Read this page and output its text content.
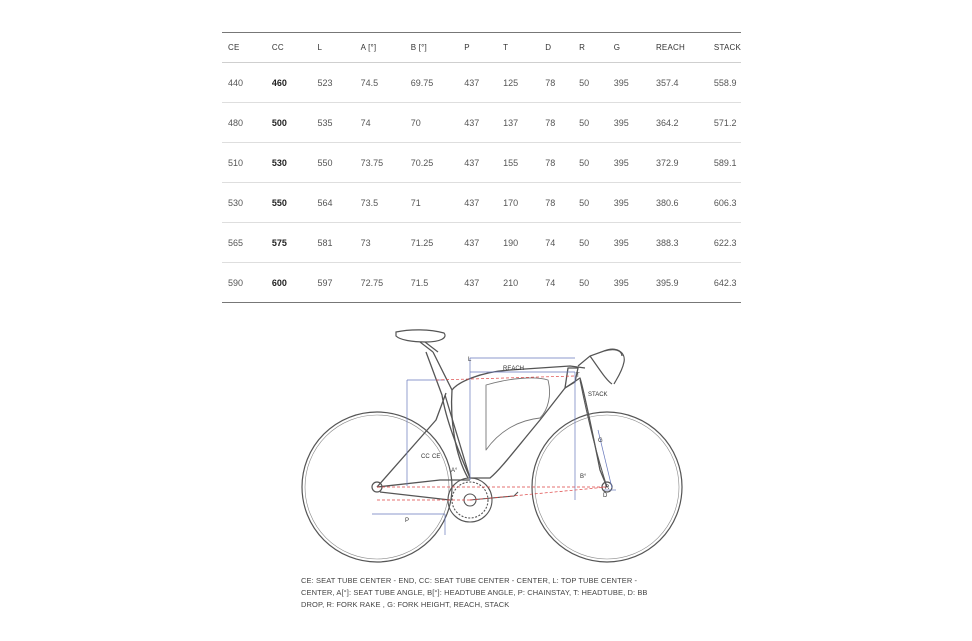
CE	CC	L	A [°]	B [°]	P	T	D	R	G	REACH	STACK
440	460	523	74.5	69.75	437	125	78	50	395	357.4	558.9
480	500	535	74	70	437	137	78	50	395	364.2	571.2
510	530	550	73.75	70.25	437	155	78	50	395	372.9	589.1
530	550	564	73.5	71	437	170	78	50	395	380.6	606.3
565	575	581	73	71.25	437	190	74	50	395	388.3	622.3
590	600	597	72.75	71.5	437	210	74	50	395	395.9	642.3
L
REACH
T
STACK
G
CC CE
A°
B°
R
D
P
CE: SEAT TUBE CENTER - END, CC: SEAT TUBE CENTER - CENTER, L: TOP TUBE CENTER - CENTER, A[°]: SEAT TUBE ANGLE, B[°]: HEADTUBE ANGLE, P: CHAINSTAY, T: HEADTUBE, D: BB DROP, R: FORK RAKE , G: FORK HEIGHT, REACH, STACK
